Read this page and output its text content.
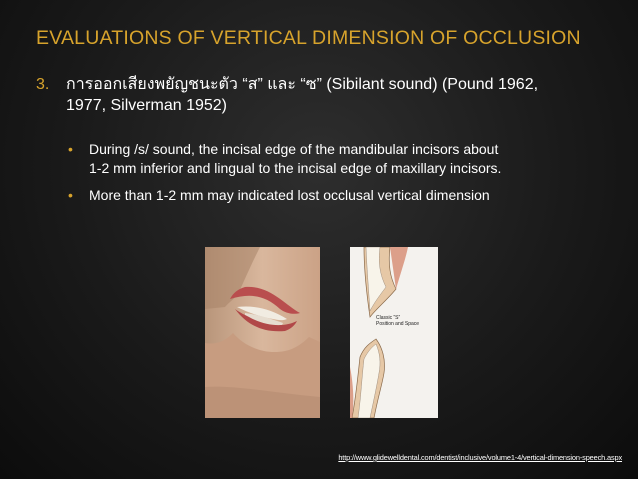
EVALUATIONS OF VERTICAL DIMENSION OF OCCLUSION
3. การออกเสียงพยัญชนะตัว “ส” และ “ซ” (Sibilant sound) (Pound 1962,
1977, Silverman 1952)
• During /s/ sound, the incisal edge of the mandibular incisors about
1-2 mm inferior and lingual to the incisal edge of maxillary incisors.
• More than 1-2 mm may indicated lost occlusal vertical dimension
Classic “S”
Position and Space
http://www.glidewelldental.com/dentist/inclusive/volume1-4/vertical-dimension-speech.aspx
